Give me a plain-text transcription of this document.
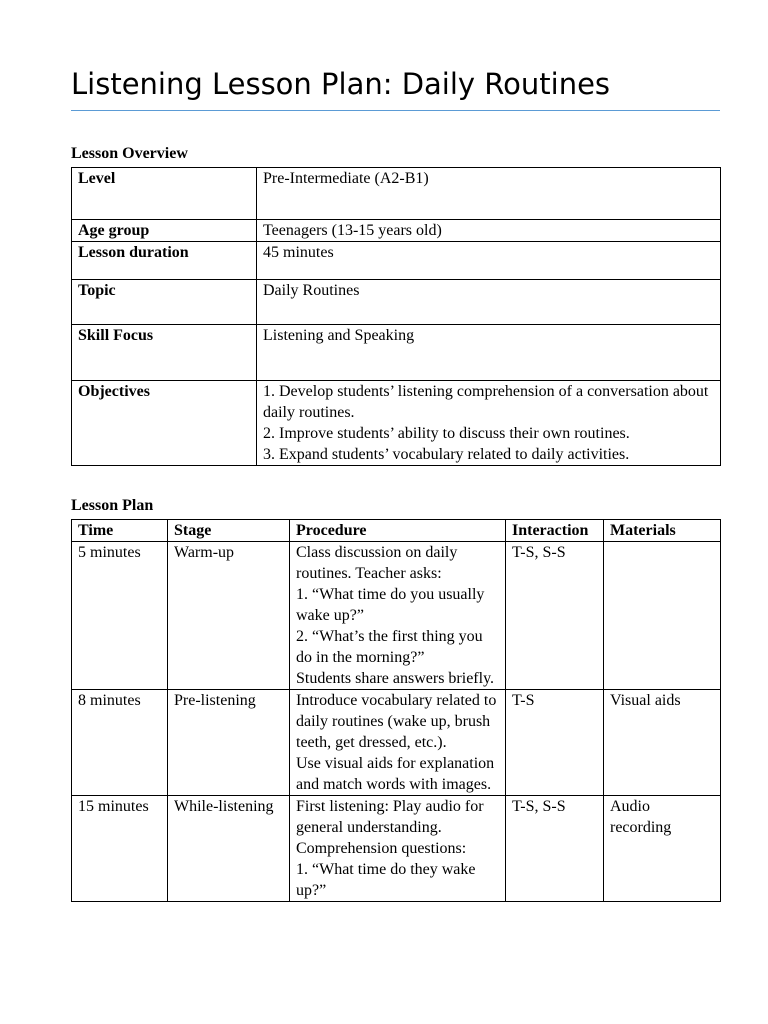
Listening Lesson Plan: Daily Routines
Lesson Overview
Level	Pre-Intermediate (A2-B1)
Age group	Teenagers (13-15 years old)
Lesson duration	45 minutes
Topic	Daily Routines
Skill Focus	Listening and Speaking
Objectives	1. Develop students’ listening comprehension of a conversation about daily routines.
2. Improve students’ ability to discuss their own routines.
3. Expand students’ vocabulary related to daily activities.
Lesson Plan
Time	Stage	Procedure	Interaction	Materials
5 minutes	Warm-up	Class discussion on daily routines. Teacher asks:
1. “What time do you usually wake up?”
2. “What’s the first thing you do in the morning?”
Students share answers briefly.	T-S, S-S	
8 minutes	Pre-listening	Introduce vocabulary related to daily routines (wake up, brush teeth, get dressed, etc.).
Use visual aids for explanation and match words with images.	T-S	Visual aids
15 minutes	While-listening	First listening: Play audio for general understanding.
Comprehension questions:
1. “What time do they wake up?”	T-S, S-S	Audio recording
